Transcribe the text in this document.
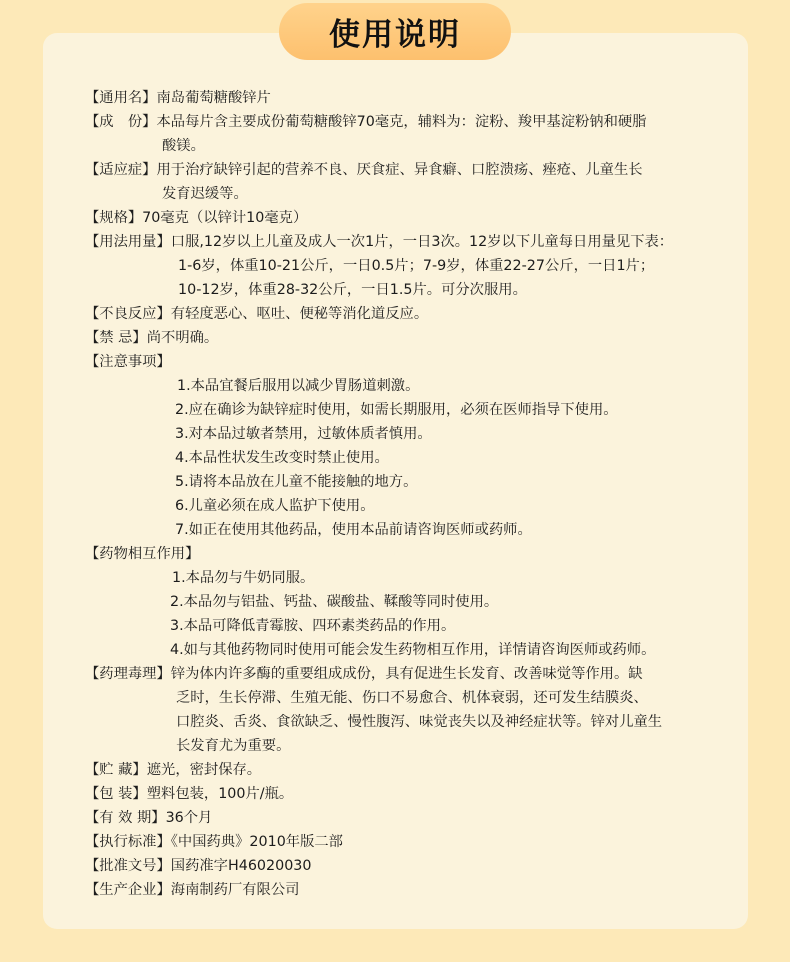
使用说明
【通用名】南岛葡萄糖酸锌片
【成　份】本品每片含主要成份葡萄糖酸锌70毫克，辅料为：淀粉、羧甲基淀粉钠和硬脂
酸镁。
【适应症】用于治疗缺锌引起的营养不良、厌食症、异食癖、口腔溃疡、痤疮、儿童生长
发育迟缓等。
【规格】70毫克（以锌计10毫克）
【用法用量】口服,12岁以上儿童及成人一次1片，一日3次。12岁以下儿童每日用量见下表：
1-6岁，体重10-21公斤，一日0.5片；7-9岁，体重22-27公斤，一日1片；
10-12岁，体重28-32公斤，一日1.5片。可分次服用。
【不良反应】有轻度恶心、呕吐、便秘等消化道反应。
【禁 忌】尚不明确。
【注意事项】
1.本品宜餐后服用以减少胃肠道刺激。
2.应在确诊为缺锌症时使用，如需长期服用，必须在医师指导下使用。
3.对本品过敏者禁用，过敏体质者慎用。
4.本品性状发生改变时禁止使用。
5.请将本品放在儿童不能接触的地方。
6.儿童必须在成人监护下使用。
7.如正在使用其他药品，使用本品前请咨询医师或药师。
【药物相互作用】
1.本品勿与牛奶同服。
2.本品勿与铝盐、钙盐、碳酸盐、鞣酸等同时使用。
3.本品可降低青霉胺、四环素类药品的作用。
4.如与其他药物同时使用可能会发生药物相互作用，详情请咨询医师或药师。
【药理毒理】锌为体内许多酶的重要组成成份，具有促进生长发育、改善味觉等作用。缺
乏时，生长停滞、生殖无能、伤口不易愈合、机体衰弱，还可发生结膜炎、
口腔炎、舌炎、食欲缺乏、慢性腹泻、味觉丧失以及神经症状等。锌对儿童生
长发育尤为重要。
【贮 藏】遮光，密封保存。
【包 装】塑料包装，100片/瓶。
【有 效 期】36个月
【执行标准】《中国药典》2010年版二部
【批准文号】国药准字H46020030
【生产企业】海南制药厂有限公司
